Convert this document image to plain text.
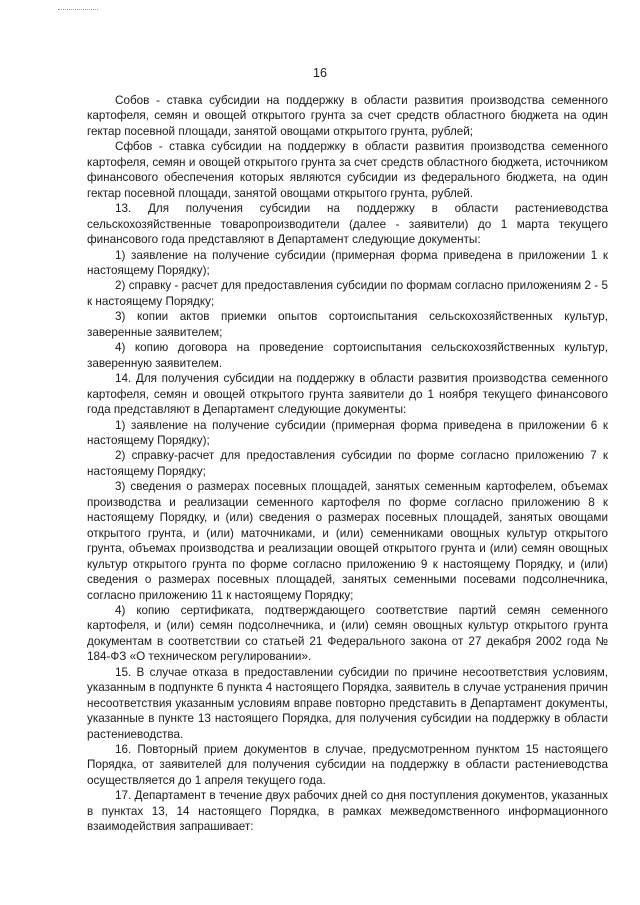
16

Собов - ставка субсидии на поддержку в области развития производства семенного картофеля, семян и овощей открытого грунта за счет средств областного бюджета на один гектар посевной площади, занятой овощами открытого грунта, рублей;

Сфбов - ставка субсидии на поддержку в области развития производства семенного картофеля, семян и овощей открытого грунта за счет средств областного бюджета, источником финансового обеспечения которых являются субсидии из федерального бюджета, на один гектар посевной площади, занятой овощами открытого грунта, рублей.

13. Для получения субсидии на поддержку в области растениеводства сельскохозяйственные товаропроизводители (далее - заявители) до 1 марта текущего финансового года представляют в Департамент следующие документы:

1) заявление на получение субсидии (примерная форма приведена в приложении 1 к настоящему Порядку);

2) справку - расчет для предоставления субсидии по формам согласно приложениям 2 - 5 к настоящему Порядку;

3) копии актов приемки опытов сортоиспытания сельскохозяйственных культур, заверенные заявителем;

4) копию договора на проведение сортоиспытания сельскохозяйственных культур, заверенную заявителем.

14. Для получения субсидии на поддержку в области развития производства семенного картофеля, семян и овощей открытого грунта заявители до 1 ноября текущего финансового года представляют в Департамент следующие документы:

1) заявление на получение субсидии (примерная форма приведена в приложении 6 к настоящему Порядку);

2) справку-расчет для предоставления субсидии по форме согласно приложению 7 к настоящему Порядку;

3) сведения о размерах посевных площадей, занятых семенным картофелем, объемах производства и реализации семенного картофеля по форме согласно приложению 8 к настоящему Порядку, и (или) сведения о размерах посевных площадей, занятых овощами открытого грунта, и (или) маточниками, и (или) семенниками овощных культур открытого грунта, объемах производства и реализации овощей открытого грунта и (или) семян овощных культур открытого грунта по форме согласно приложению 9 к настоящему Порядку, и (или) сведения о размерах посевных площадей, занятых семенными посевами подсолнечника, согласно приложению 11 к настоящему Порядку;

4) копию сертификата, подтверждающего соответствие партий семян семенного картофеля, и (или) семян подсолнечника, и (или) семян овощных культур открытого грунта документам в соответствии со статьей 21 Федерального закона от 27 декабря 2002 года № 184-ФЗ «О техническом регулировании».

15. В случае отказа в предоставлении субсидии по причине несоответствия условиям, указанным в подпункте 6 пункта 4 настоящего Порядка, заявитель в случае устранения причин несоответствия указанным условиям вправе повторно представить в Департамент документы, указанные в пункте 13 настоящего Порядка, для получения субсидии на поддержку в области растениеводства.

16. Повторный прием документов в случае, предусмотренном пунктом 15 настоящего Порядка, от заявителей для получения субсидии на поддержку в области растениеводства осуществляется до 1 апреля текущего года.

17. Департамент в течение двух рабочих дней со дня поступления документов, указанных в пунктах 13, 14 настоящего Порядка, в рамках межведомственного информационного взаимодействия запрашивает:
